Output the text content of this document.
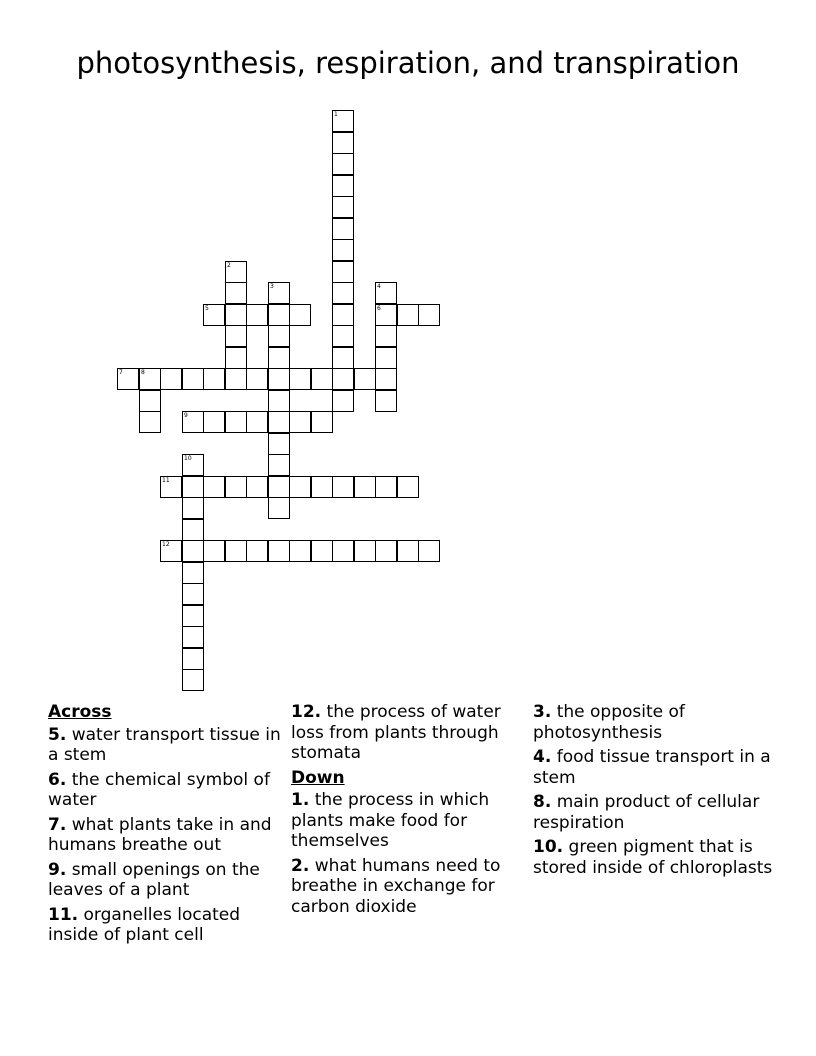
photosynthesis, respiration, and transpiration
1
2
3	4
6
5
7	8
9
10
11
12
Across
5. water transport tissue in a stem
6. the chemical symbol of water
7. what plants take in and humans breathe out
9. small openings on the leaves of a plant
11. organelles located inside of plant cell
12. the process of water loss from plants through stomata
Down
1. the process in which plants make food for themselves
2. what humans need to breathe in exchange for carbon dioxide
3. the opposite of photosynthesis
4. food tissue transport in a stem
8. main product of cellular respiration
10. green pigment that is stored inside of chloroplasts
